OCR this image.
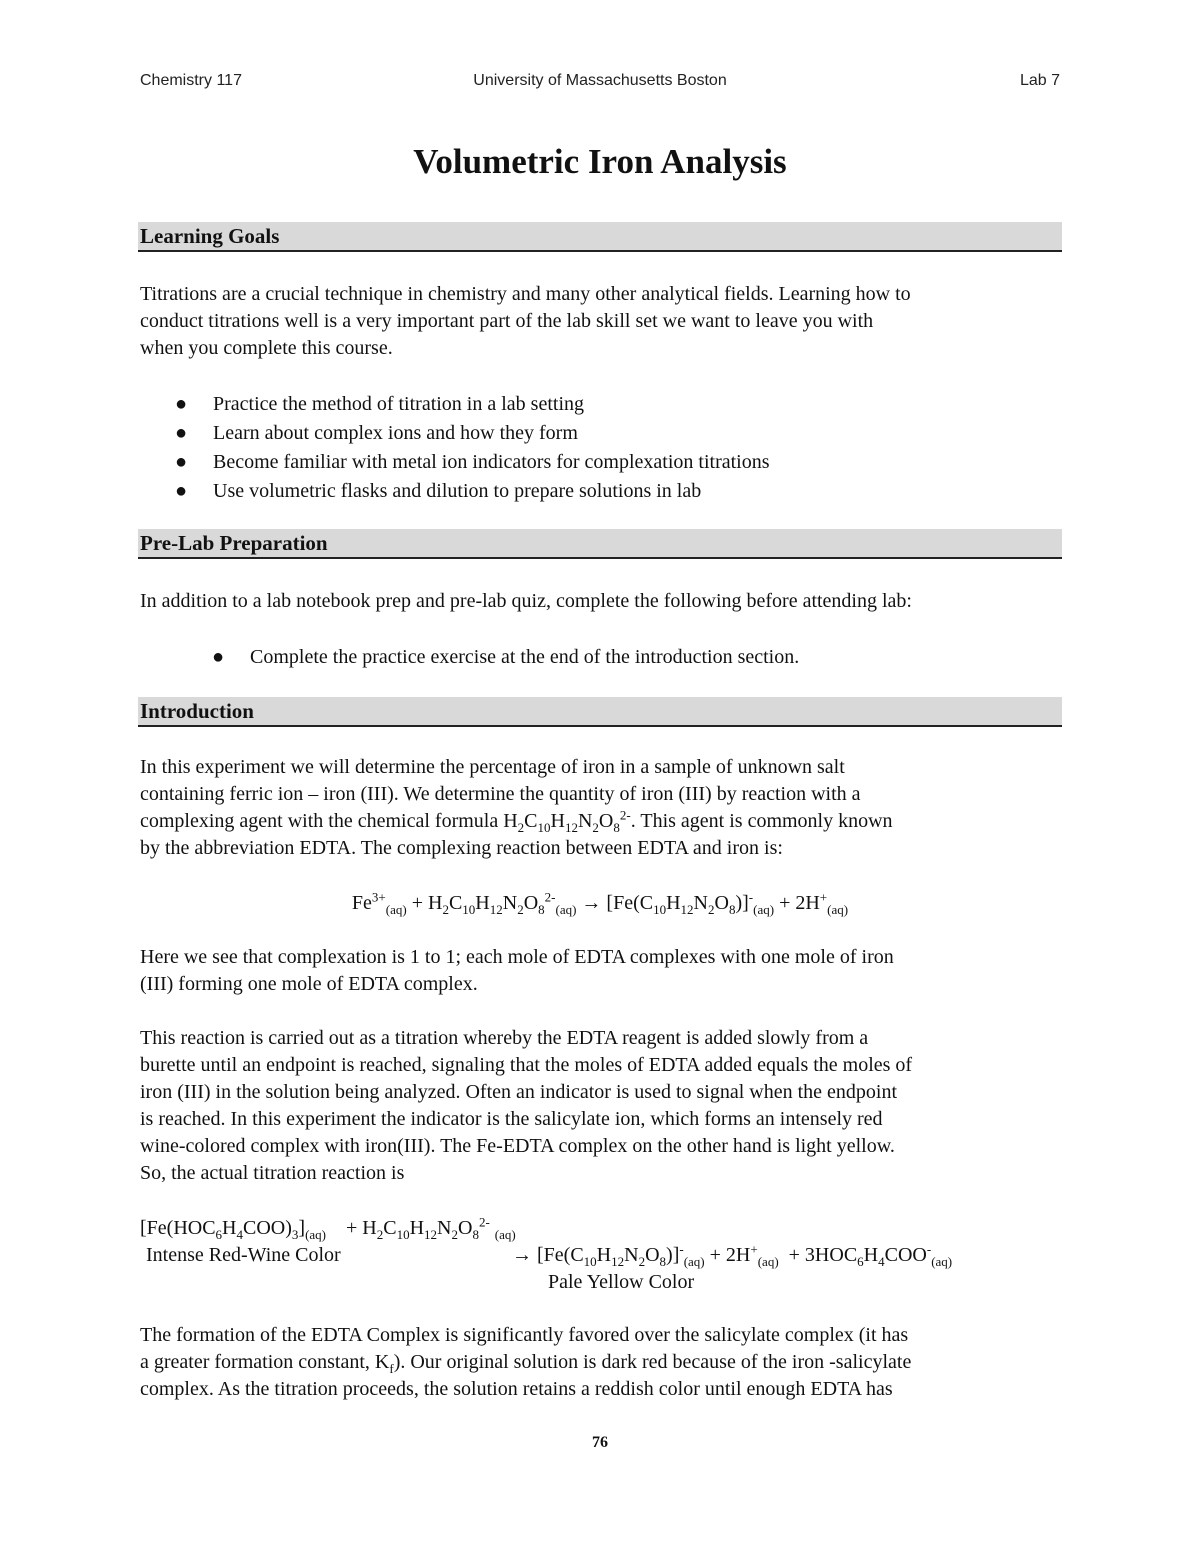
Chemistry 117	University of Massachusetts Boston	Lab 7
Volumetric Iron Analysis
Learning Goals
Titrations are a crucial technique in chemistry and many other analytical fields. Learning how to
conduct titrations well is a very important part of the lab skill set we want to leave you with
when you complete this course.
● Practice the method of titration in a lab setting
● Learn about complex ions and how they form
● Become familiar with metal ion indicators for complexation titrations
● Use volumetric flasks and dilution to prepare solutions in lab
Pre-Lab Preparation
In addition to a lab notebook prep and pre-lab quiz, complete the following before attending lab:
● Complete the practice exercise at the end of the introduction section.
Introduction
In this experiment we will determine the percentage of iron in a sample of unknown salt
containing ferric ion – iron (III). We determine the quantity of iron (III) by reaction with a
complexing agent with the chemical formula $H_2C_{10}H_{12}N_2O_8^{2-}$. This agent is commonly known
by the abbreviation EDTA. The complexing reaction between EDTA and iron is:
$Fe^{3+}_{(aq)} + H_2C_{10}H_{12}N_2O_8^{2-}_{(aq)} \to [Fe(C_{10}H_{12}N_2O_8)]^-_{(aq)} + 2H^+_{(aq)}$
Here we see that complexation is 1 to 1; each mole of EDTA complexes with one mole of iron
(III) forming one mole of EDTA complex.
This reaction is carried out as a titration whereby the EDTA reagent is added slowly from a
burette until an endpoint is reached, signaling that the moles of EDTA added equals the moles of
iron (III) in the solution being analyzed. Often an indicator is used to signal when the endpoint
is reached. In this experiment the indicator is the salicylate ion, which forms an intensely red
wine-colored complex with iron(III). The Fe-EDTA complex on the other hand is light yellow.
So, the actual titration reaction is
$[Fe(HOC_6H_4COO)_3]_{(aq)}$    + $H_2C_{10}H_{12}N_2O_8^{2-}$ $_{(aq)}$
Intense Red-Wine Color	→ $[Fe(C_{10}H_{12}N_2O_8)]^-_{(aq)} + 2H^+_{(aq)} + 3HOC_6H_4COO^-_{(aq)}$
Pale Yellow Color
The formation of the EDTA Complex is significantly favored over the salicylate complex (it has
a greater formation constant, $K_f$). Our original solution is dark red because of the iron -salicylate
complex. As the titration proceeds, the solution retains a reddish color until enough EDTA has
76
